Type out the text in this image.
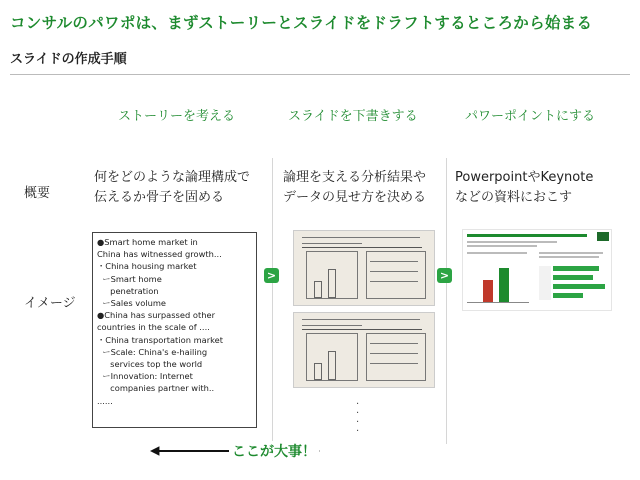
コンサルのパワポは、まずストーリーとスライドをドラフトするところから始まる
スライドの作成手順
ストーリーを考える	スライドを下書きする	パワーポイントにする
概要
イメージ
何をどのような論理構成で
伝えるか骨子を固める
論理を支える分析結果や
データの見せ方を決める
PowerpointやKeynote
などの資料におこす
●Smart home market in
China has witnessed growth...
・China housing market
ーSmart home
penetration
ーSales volume
●China has surpassed other
countries in the scale of ....
・China transportation market
ーScale: China's e-hailing
services top the world
ーInnovation: Internet
companies partner with..
......
>	>
·
·
·
·
ここが大事！
